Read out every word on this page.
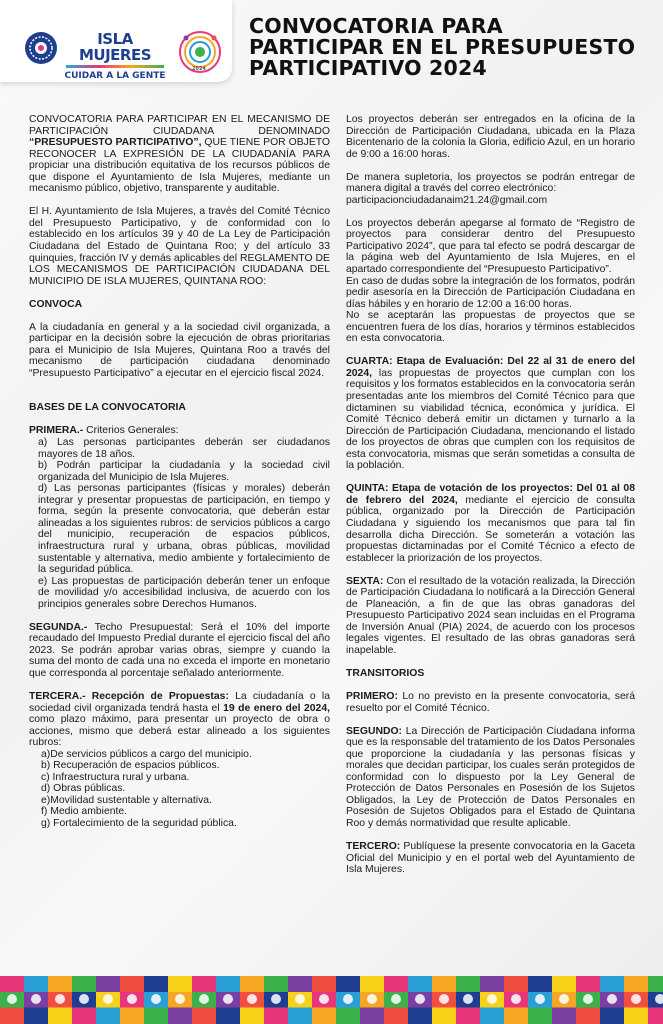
ISLA MUJERES
CUIDAR A LA GENTE
2024
CONVOCATORIA PARA
PARTICIPAR EN EL PRESUPUESTO
PARTICIPATIVO 2024
CONVOCATORIA PARA PARTICIPAR EN EL MECANISMO DE PARTICIPACIÓN CIUDADANA DENOMINADO “PRESUPUESTO PARTICIPATIVO”, QUE TIENE POR OBJETO RECONOCER LA EXPRESIÓN DE LA CIUDADANÍA PARA propiciar una distribución equitativa de los recursos públicos de que dispone el Ayuntamiento de Isla Mujeres, mediante un mecanismo público, objetivo, transparente y auditable.
El H. Ayuntamiento de Isla Mujeres, a través del Comité Técnico del Presupuesto Participativo, y de conformidad con lo establecido en los artículos 39 y 40 de La Ley de Participación Ciudadana del Estado de Quintana Roo; y del artículo 33 quinquies, fracción IV y demás aplicables del REGLAMENTO DE LOS MECANISMOS DE PARTICIPACIÓN CIUDADANA DEL MUNICIPIO DE ISLA MUJERES, QUINTANA ROO:
CONVOCA
A la ciudadanía en general y a la sociedad civil organizada, a participar en la decisión sobre la ejecución de obras prioritarias para el Municipio de Isla Mujeres, Quintana Roo a través del mecanismo de participación ciudadana denominado “Presupuesto Participativo” a ejecutar en el ejercicio fiscal 2024.
BASES DE LA CONVOCATORIA
PRIMERA.- Criterios Generales:
a) Las personas participantes deberán ser ciudadanos mayores de 18 años.
b) Podrán participar la ciudadanía y la sociedad civil organizada del Municipio de Isla Mujeres.
d) Las personas participantes (físicas y morales) deberán integrar y presentar propuestas de participación, en tiempo y forma, según la presente convocatoria, que deberán estar alineadas a los siguientes rubros: de servicios públicos a cargo del municipio, recuperación de espacios públicos, infraestructura rural y urbana, obras públicas, movilidad sustentable y alternativa, medio ambiente y fortalecimiento de la seguridad pública.
e) Las propuestas de participación deberán tener un enfoque de movilidad y/o accesibilidad inclusiva, de acuerdo con los principios generales sobre Derechos Humanos.
SEGUNDA.- Techo Presupuestal: Será el 10% del importe recaudado del Impuesto Predial durante el ejercicio fiscal del año 2023. Se podrán aprobar varias obras, siempre y cuando la suma del monto de cada una no exceda el importe en monetario que corresponda al porcentaje señalado anteriormente.
TERCERA.- Recepción de Propuestas: La ciudadanía o la sociedad civil organizada tendrá hasta el 19 de enero del 2024, como plazo máximo, para presentar un proyecto de obra o acciones, mismo que deberá estar alineado a los siguientes rubros:
a)De servicios públicos a cargo del municipio.
b) Recuperación de espacios públicos.
c) Infraestructura rural y urbana.
d) Obras públicas.
e)Movilidad sustentable y alternativa.
f) Medio ambiente.
g) Fortalecimiento de la seguridad pública.
Los proyectos deberán ser entregados en la oficina de la Dirección de Participación Ciudadana, ubicada en la Plaza Bicentenario de la colonia la Gloria, edificio Azul, en un horario de 9:00 a 16:00 horas.
De manera supletoria, los proyectos se podrán entregar de manera digital a través del correo electrónico:
participacionciudadanaim21.24@gmail.com
Los proyectos deberán apegarse al formato de “Registro de proyectos para considerar dentro del Presupuesto Participativo 2024”, que para tal efecto se podrá descargar de la página web del Ayuntamiento de Isla Mujeres, en el apartado correspondiente del “Presupuesto Participativo”.
En caso de dudas sobre la integración de los formatos, podrán pedir asesoría en la Dirección de Participación Ciudadana en días hábiles y en horario de 12:00 a 16:00 horas.
No se aceptarán las propuestas de proyectos que se encuentren fuera de los días, horarios y términos establecidos en esta convocatoria.
CUARTA: Etapa de Evaluación: Del 22 al 31 de enero del 2024, las propuestas de proyectos que cumplan con los requisitos y los formatos establecidos en la convocatoria serán presentadas ante los miembros del Comité Técnico para que dictaminen su viabilidad técnica, económica y jurídica. El Comité Técnico deberá emitir un dictamen y turnarlo a la Dirección de Participación Ciudadana, mencionando el listado de los proyectos de obras que cumplen con los requisitos de esta convocatoria, mismas que serán sometidas a consulta de la población.
QUINTA: Etapa de votación de los proyectos: Del 01 al 08 de febrero del 2024, mediante el ejercicio de consulta pública, organizado por la Dirección de Participación Ciudadana y siguiendo los mecanismos que para tal fin desarrolla dicha Dirección. Se someterán a votación las propuestas dictaminadas por el Comité Técnico a efecto de establecer la priorización de los proyectos.
SEXTA: Con el resultado de la votación realizada, la Dirección de Participación Ciudadana lo notificará a la Dirección General de Planeación, a fin de que las obras ganadoras del Presupuesto Participativo 2024 sean incluidas en el Programa de Inversión Anual (PIA) 2024, de acuerdo con los procesos legales vigentes. El resultado de las obras ganadoras será inapelable.
TRANSITORIOS
PRIMERO: Lo no previsto en la presente convocatoria, será resuelto por el Comité Técnico.
SEGUNDO: La Dirección de Participación Ciudadana informa que es la responsable del tratamiento de los Datos Personales que proporcione la ciudadanía y las personas físicas y morales que decidan participar, los cuales serán protegidos de conformidad con lo dispuesto por la Ley General de Protección de Datos Personales en Posesión de los Sujetos Obligados, la Ley de Protección de Datos Personales en Posesión de Sujetos Obligados para el Estado de Quintana Roo y demás normatividad que resulte aplicable.
TERCERO: Publíquese la presente convocatoria en la Gaceta Oficial del Municipio y en el portal web del Ayuntamiento de Isla Mujeres.
